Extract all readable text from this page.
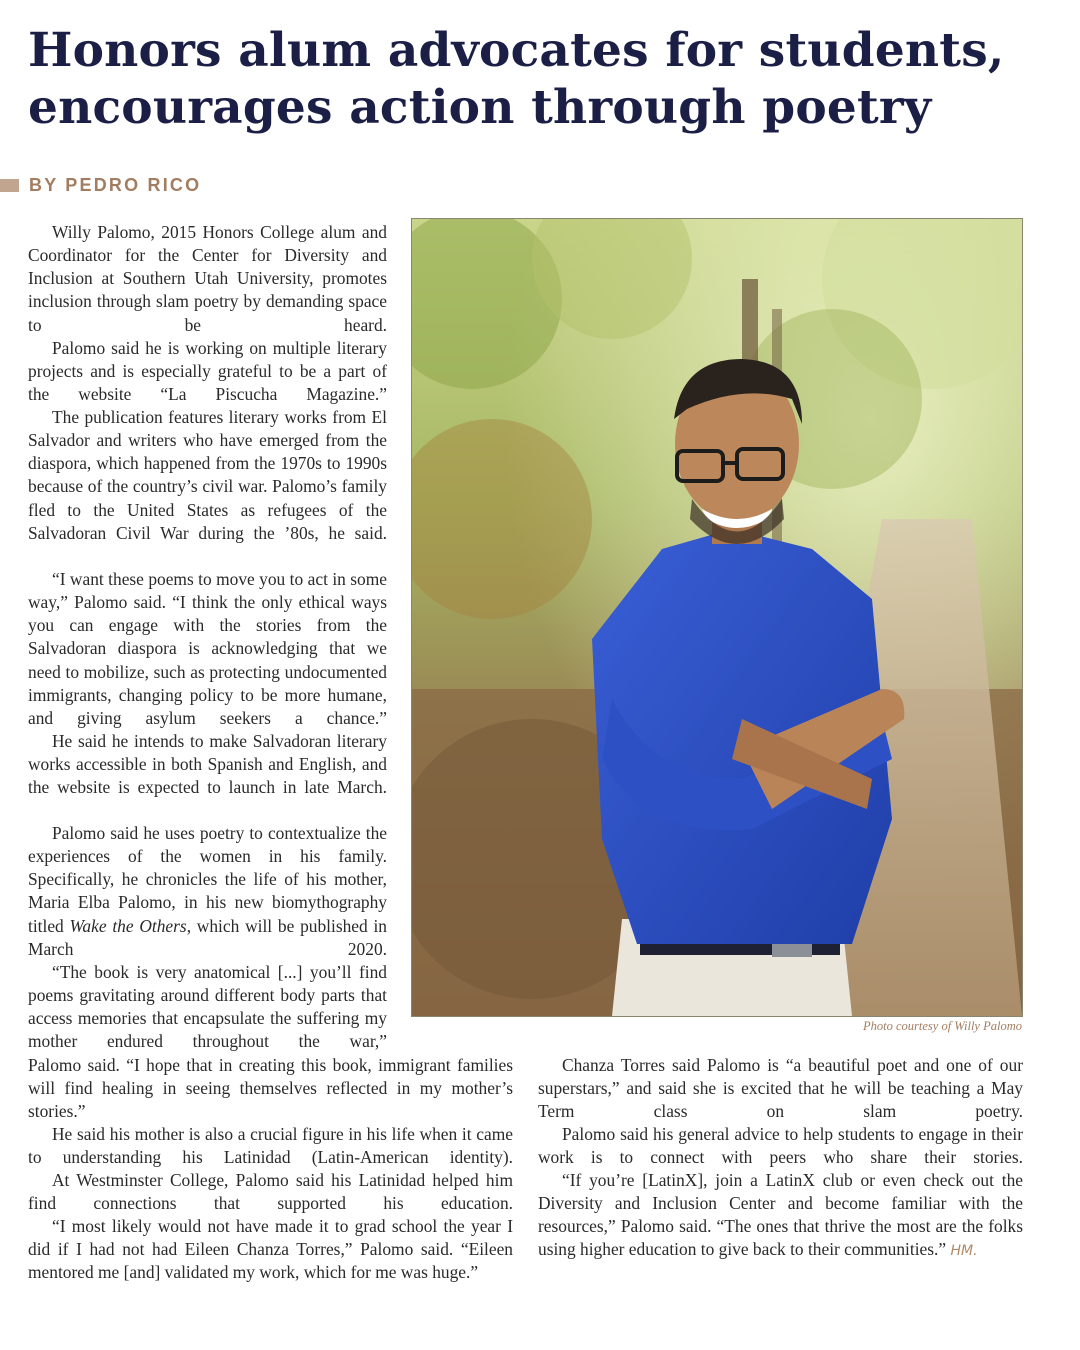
Honors alum advocates for students,
encourages action through poetry
BY PEDRO RICO

Willy Palomo, 2015 Honors College alum and Coordinator for the Center for Diversity and Inclusion at Southern Utah University, promotes inclusion through slam poetry by demanding space to be heard.

Palomo said he is working on multiple literary projects and is especially grateful to be a part of the website “La Piscucha Magazine.”

The publication features literary works from El Salvador and writers who have emerged from the diaspora, which happened from the 1970s to 1990s because of the country’s civil war. Palomo’s family fled to the United States as refugees of the Salvadoran Civil War during the ’80s, he said.

“I want these poems to move you to act in some way,” Palomo said. “I think the only ethical ways you can engage with the stories from the Salvadoran diaspora is acknowledging that we need to mobilize, such as protecting undocumented immigrants, changing policy to be more humane, and giving asylum seekers a chance.”

He said he intends to make Salvadoran literary works accessible in both Spanish and English, and the website is expected to launch in late March.

Palomo said he uses poetry to contextualize the experiences of the women in his family. Specifically, he chronicles the life of his mother, Maria Elba Palomo, in his new biomythography titled Wake the Others, which will be published in March 2020.

“The book is very anatomical [...] you’ll find poems gravitating around different body parts that access memories that encapsulate the suffering my mother endured throughout the war,”

Palomo said. “I hope that in creating this book, immigrant families will find healing in seeing themselves reflected in my mother’s stories.”

He said his mother is also a crucial figure in his life when it came to understanding his Latinidad (Latin-American identity).

At Westminster College, Palomo said his Latinidad helped him find connections that supported his education.

“I most likely would not have made it to grad school the year I did if I had not had Eileen Chanza Torres,” Palomo said. “Eileen mentored me [and] validated my work, which for me was huge.”

Photo courtesy of Willy Palomo

Chanza Torres said Palomo is “a beautiful poet and one of our superstars,” and said she is excited that he will be teaching a May Term class on slam poetry.

Palomo said his general advice to help students to engage in their work is to connect with peers who share their stories.

“If you’re [LatinX], join a LatinX club or even check out the Diversity and Inclusion Center and become familiar with the resources,” Palomo said. “The ones that thrive the most are the folks using higher education to give back to their communities.” HM.
